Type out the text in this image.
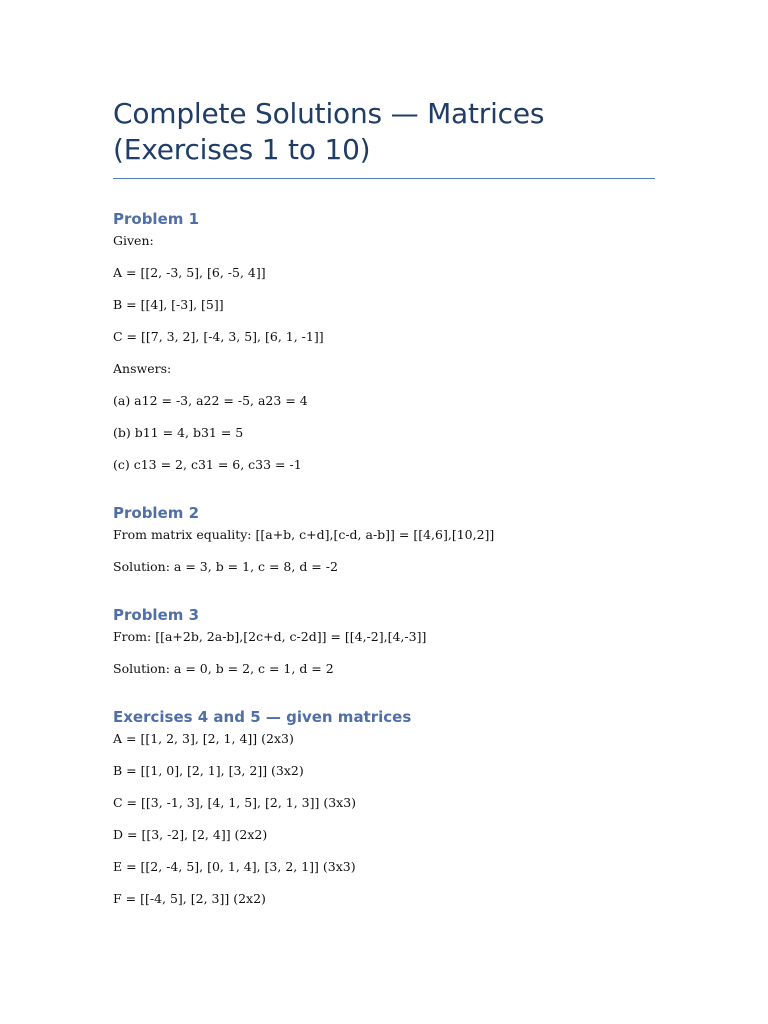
Complete Solutions — Matrices
(Exercises 1 to 10)
Problem 1

Given:

A = [[2, -3, 5], [6, -5, 4]]

B = [[4], [-3], [5]]

C = [[7, 3, 2], [-4, 3, 5], [6, 1, -1]]

Answers:

(a) a12 = -3, a22 = -5, a23 = 4

(b) b11 = 4, b31 = 5

(c) c13 = 2, c31 = 6, c33 = -1

Problem 2

From matrix equality: [[a+b, c+d],[c-d, a-b]] = [[4,6],[10,2]]

Solution: a = 3, b = 1, c = 8, d = -2

Problem 3

From: [[a+2b, 2a-b],[2c+d, c-2d]] = [[4,-2],[4,-3]]

Solution: a = 0, b = 2, c = 1, d = 2

Exercises 4 and 5 — given matrices

A = [[1, 2, 3], [2, 1, 4]] (2x3)

B = [[1, 0], [2, 1], [3, 2]] (3x2)

C = [[3, -1, 3], [4, 1, 5], [2, 1, 3]] (3x3)

D = [[3, -2], [2, 4]] (2x2)

E = [[2, -4, 5], [0, 1, 4], [3, 2, 1]] (3x3)

F = [[-4, 5], [2, 3]] (2x2)
